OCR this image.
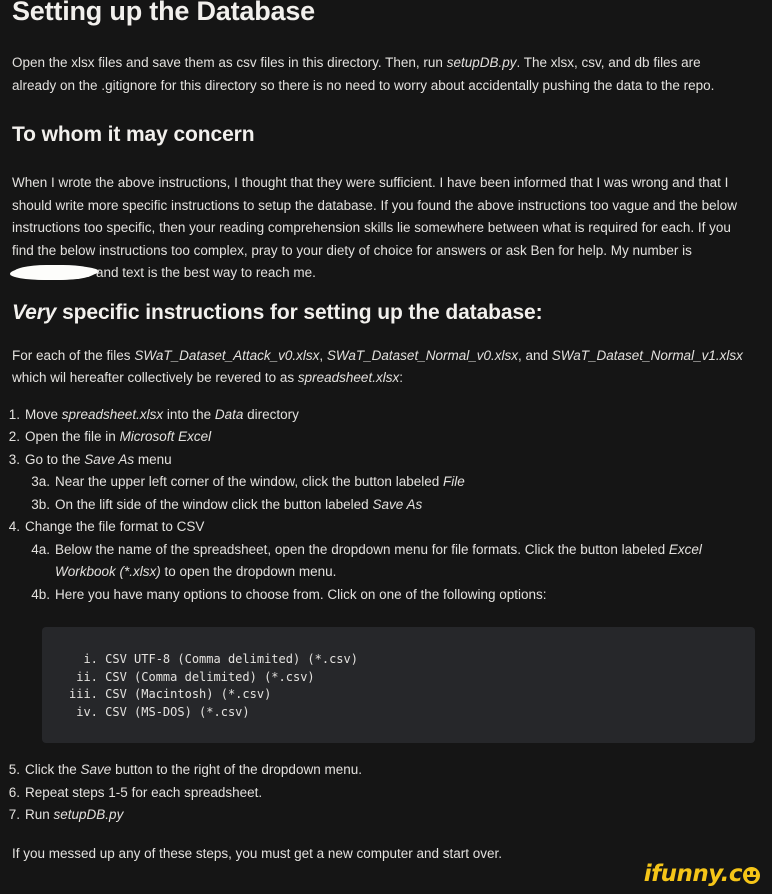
Setting up the Database

Open the xlsx files and save them as csv files in this directory. Then, run setupDB.py. The xlsx, csv, and db files are already on the .gitignore for this directory so there is no need to worry about accidentally pushing the data to the repo.

To whom it may concern

When I wrote the above instructions, I thought that they were sufficient. I have been informed that I was wrong and that I should write more specific instructions to setup the database. If you found the above instructions too vague and the below instructions too specific, then your reading comprehension skills lie somewhere between what is required for each. If you find the below instructions too complex, pray to your diety of choice for answers or ask Ben for help. My number isand text is the best way to reach me.

Very specific instructions for setting up the database:

For each of the files SWaT_Dataset_Attack_v0.xlsx, SWaT_Dataset_Normal_v0.xlsx, and SWaT_Dataset_Normal_v1.xlsx which wil hereafter collectively be revered to as spreadsheet.xlsx:

1. Move spreadsheet.xlsx into the Data directory
2. Open the file in Microsoft Excel
3. Go to the Save As menu
3a. Near the upper left corner of the window, click the button labeled File
3b. On the lift side of the window click the button labeled Save As
4. Change the file format to CSV
4a. Below the name of the spreadsheet, open the dropdown menu for file formats. Click the button labeled Excel Workbook (*.xlsx) to open the dropdown menu.
4b. Here you have many options to choose from. Click on one of the following options:
i. CSV UTF-8 (Comma delimited) (*.csv)
ii. CSV (Comma delimited) (*.csv)
iii. CSV (Macintosh) (*.csv)
iv. CSV (MS-DOS) (*.csv)
5. Click the Save button to the right of the dropdown menu.
6. Repeat steps 1-5 for each spreadsheet.
7. Run setupDB.py

If you messed up any of these steps, you must get a new computer and start over.

ifunny.c
